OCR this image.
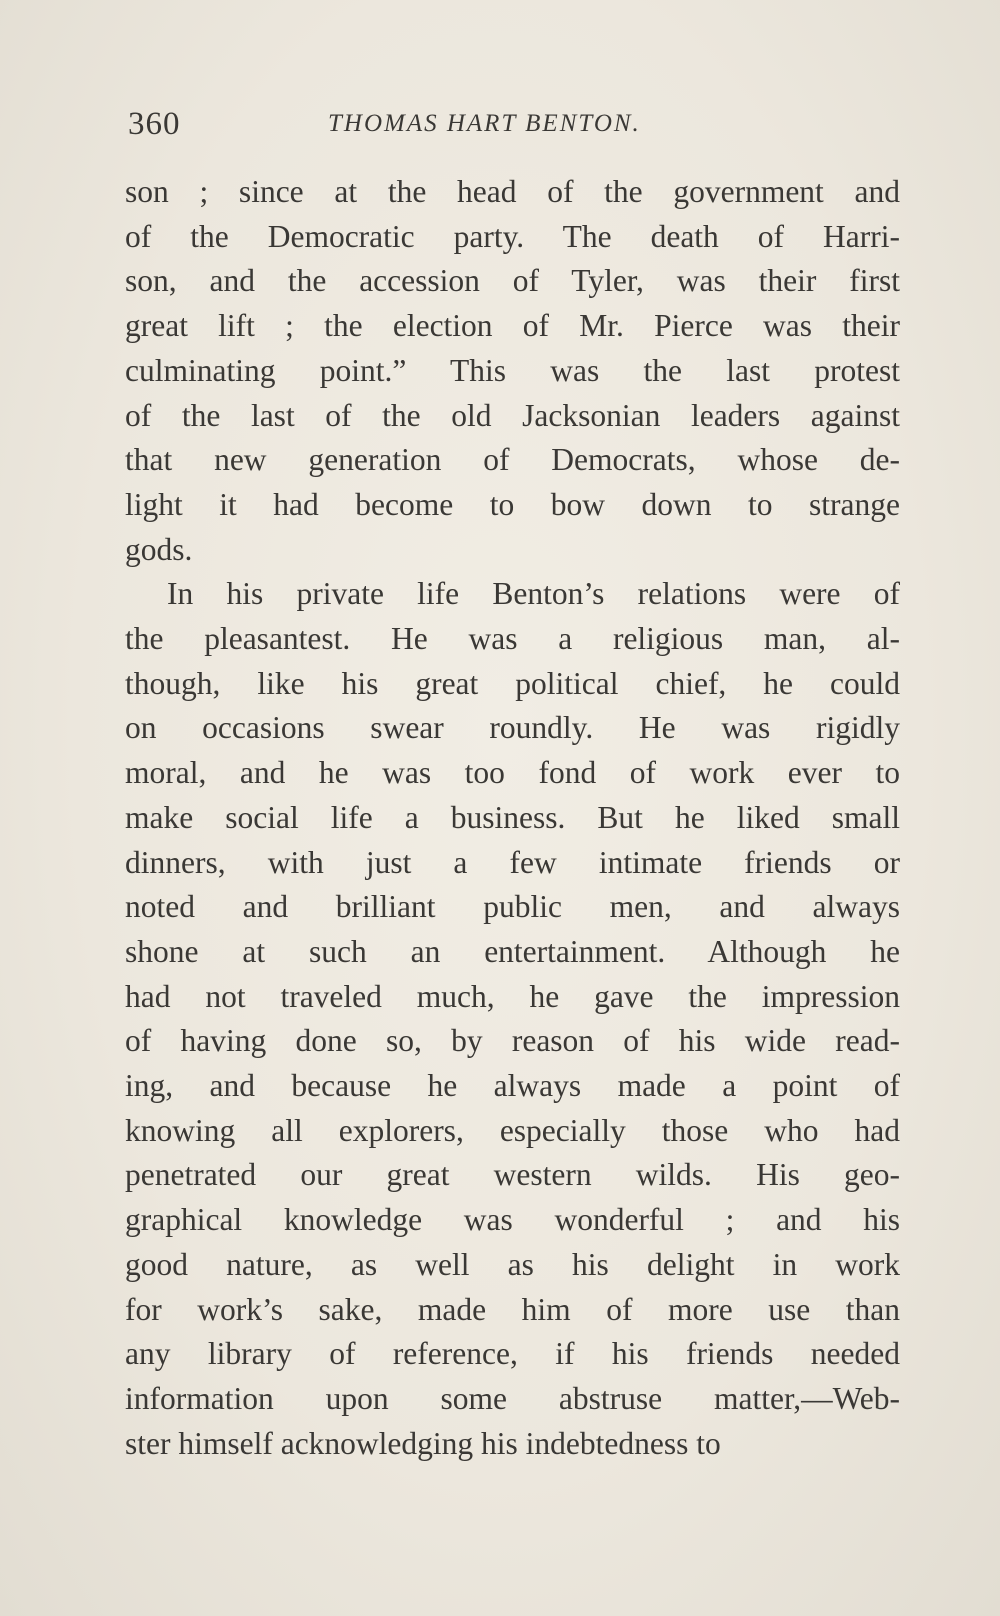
360	THOMAS HART BENTON.
son ; since at the head of the government and
of the Democratic party. The death of Harri-
son, and the accession of Tyler, was their first
great lift ; the election of Mr. Pierce was their
culminating point.” This was the last protest
of the last of the old Jacksonian leaders against
that new generation of Democrats, whose de-
light it had become to bow down to strange
gods.
In his private life Benton’s relations were of
the pleasantest. He was a religious man, al-
though, like his great political chief, he could
on occasions swear roundly. He was rigidly
moral, and he was too fond of work ever to
make social life a business. But he liked small
dinners, with just a few intimate friends or
noted and brilliant public men, and always
shone at such an entertainment. Although he
had not traveled much, he gave the impression
of having done so, by reason of his wide read-
ing, and because he always made a point of
knowing all explorers, especially those who had
penetrated our great western wilds. His geo-
graphical knowledge was wonderful ; and his
good nature, as well as his delight in work
for work’s sake, made him of more use than
any library of reference, if his friends needed
information upon some abstruse matter,—Web-
ster himself acknowledging his indebtedness to
